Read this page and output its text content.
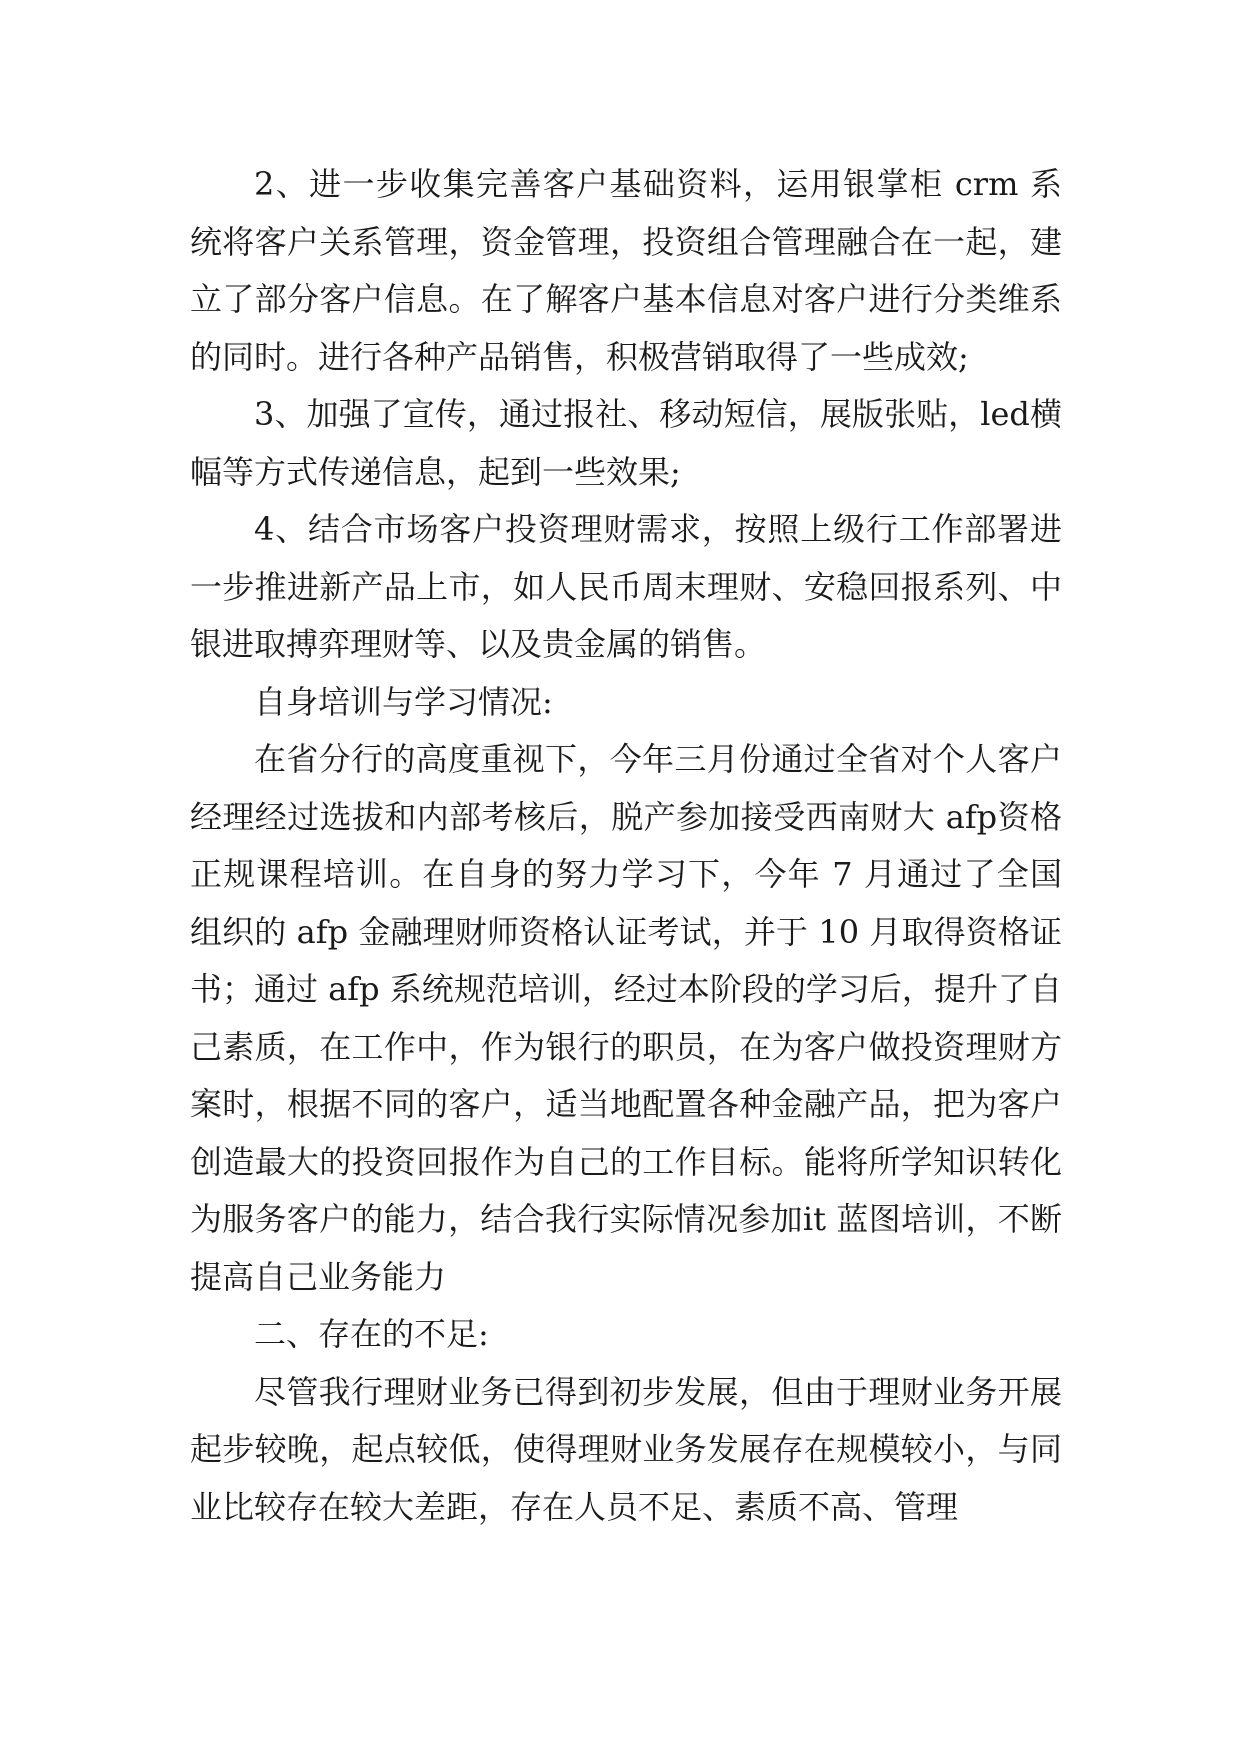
2、进一步收集完善客户基础资料，运用银掌柜 crm 系统将客户关系管理，资金管理，投资组合管理融合在一起，建立了部分客户信息。在了解客户基本信息对客户进行分类维系的同时。进行各种产品销售，积极营销取得了一些成效;
3、加强了宣传，通过报社、移动短信，展版张贴，led横幅等方式传递信息，起到一些效果;
4、结合市场客户投资理财需求，按照上级行工作部署进一步推进新产品上市，如人民币周末理财、安稳回报系列、中银进取搏弈理财等、以及贵金属的销售。
自身培训与学习情况:
在省分行的高度重视下，今年三月份通过全省对个人客户经理经过选拔和内部考核后，脱产参加接受西南财大 afp资格正规课程培训。在自身的努力学习下，今年 7 月通过了全国组织的 afp 金融理财师资格认证考试，并于 10 月取得资格证书；通过 afp 系统规范培训，经过本阶段的学习后，提升了自己素质，在工作中，作为银行的职员，在为客户做投资理财方案时，根据不同的客户，适当地配置各种金融产品，把为客户创造最大的投资回报作为自己的工作目标。能将所学知识转化为服务客户的能力，结合我行实际情况参加it 蓝图培训，不断提高自己业务能力
二、存在的不足:
尽管我行理财业务已得到初步发展，但由于理财业务开展起步较晚，起点较低，使得理财业务发展存在规模较小，与同业比较存在较大差距，存在人员不足、素质不高、管理
